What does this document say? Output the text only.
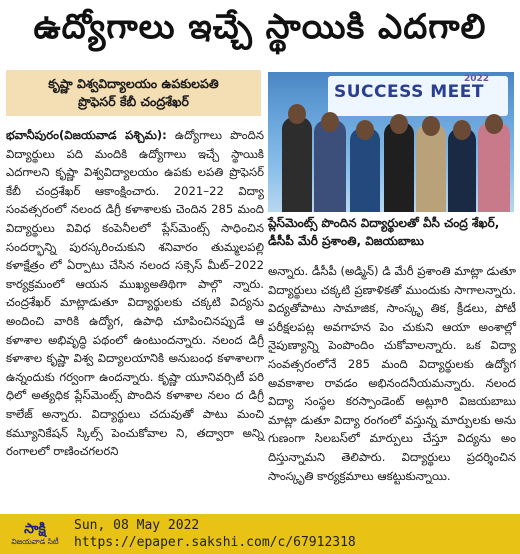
ఉద్యోగాలు ఇచ్చే స్థాయికి ఎదగాలి
కృష్ణా విశ్వవిద్యాలయం ఉపకులపతి
ప్రొఫెసర్ కేబీ చంద్రశేఖర్

భవానీపురం(విజయవాడ పశ్చిమ): ఉద్యోగాలు పొందిన విద్యార్థులు పది మందికి ఉద్యోగాలు ఇచ్చే స్థాయికి ఎదగాలని కృష్ణా విశ్వవిద్యాలయం ఉపకు లపతి ప్రొఫెసర్ కేబీ చంద్రశేఖర్ ఆకాంక్షించారు. 2021–22 విద్యా సంవత్సరంలో నలంద డిగ్రీ కళాశాలకు చెందిన 285 మంది విద్యార్థులు వివిధ కంపెనీలలో ప్లేస్‌మెంట్స్ సాధించిన సందర్భాన్ని పురస్కరించుకుని శనివారం తుమ్మలపల్లి కళాక్షేత్రం లో ఏర్పాటు చేసిన నలంద సక్సెస్ మీట్–2022 కార్యక్రమంలో ఆయన ముఖ్యఅతిథిగా పాల్గొ న్నారు. చంద్రశేఖర్ మాట్లాడుతూ విద్యార్థులకు చక్కటి విద్యను అందించి వారికి ఉద్యోగ, ఉపాధి చూపించినప్పుడే ఆ కళాశాల అభివృద్ధి పథంలో ఉంటుందన్నారు. నలంద డిగ్రీ కళాశాల కృష్ణా విశ్వ విద్యాలయానికి అనుబంధ కళాశాలగా ఉన్నందుకు గర్వంగా ఉందన్నారు. కృష్ణా యూనివర్సిటీ పరి ధిలో అత్యధిక ప్లేస్‌మెంట్స్ పొందిన కళాశాల నలం ద డిగ్రీ కాలేజ్ అన్నారు. విద్యార్థులు చదువుతో పాటు మంచి కమ్యూనికేషన్ స్కిల్స్ పెంచుకోవాల ని, తద్వారా అన్ని రంగాలలో రాణించగలరని

SUCCESS MEET
2022
ప్లేస్‌మెంట్స్ పొందిన విద్యార్థులతో వీసీ చంద్ర శేఖర్, డీసీపీ మేరీ ప్రశాంతి, విజయబాబు

అన్నారు. డీసీపీ (అడ్మిన్) డి మేరీ ప్రశాంతి మాట్లా డుతూ విద్యార్థులు చక్కటి ప్రణాళికతో ముందుకు సాగాలన్నారు. విద్యతోపాటు సామాజిక, సాంస్కృ తిక, క్రీడలు, పోటీ పరీక్షలపట్ల అవగాహన పెం చుకుని ఆయా అంశాల్లో నైపుణ్యాన్ని పెంపొందిం చుకోవాలన్నారు. ఒక విద్యా సంవత్సరంలోనే 285 మంది విద్యార్థులకు ఉద్యోగ అవకాశాల రావడం అభినందనీయమన్నారు. నలంద విద్యా సంస్థల కరస్పాండెంట్ అట్లూరి విజయబాబు మాట్లా డుతూ విద్యా రంగంలో వస్తున్న మార్పులకు అను గుణంగా సిలబస్‌లో మార్పులు చేస్తూ విద్యను అం దిస్తున్నామని తెలిపారు. విద్యార్థులు ప్రదర్శించిన సాంస్కృతి కార్యక్రమాలు ఆకట్టుకున్నాయి.

సాక్షి
విజయవాడ సిటీ
Sun, 08 May 2022
https://epaper.sakshi.com/c/67912318
